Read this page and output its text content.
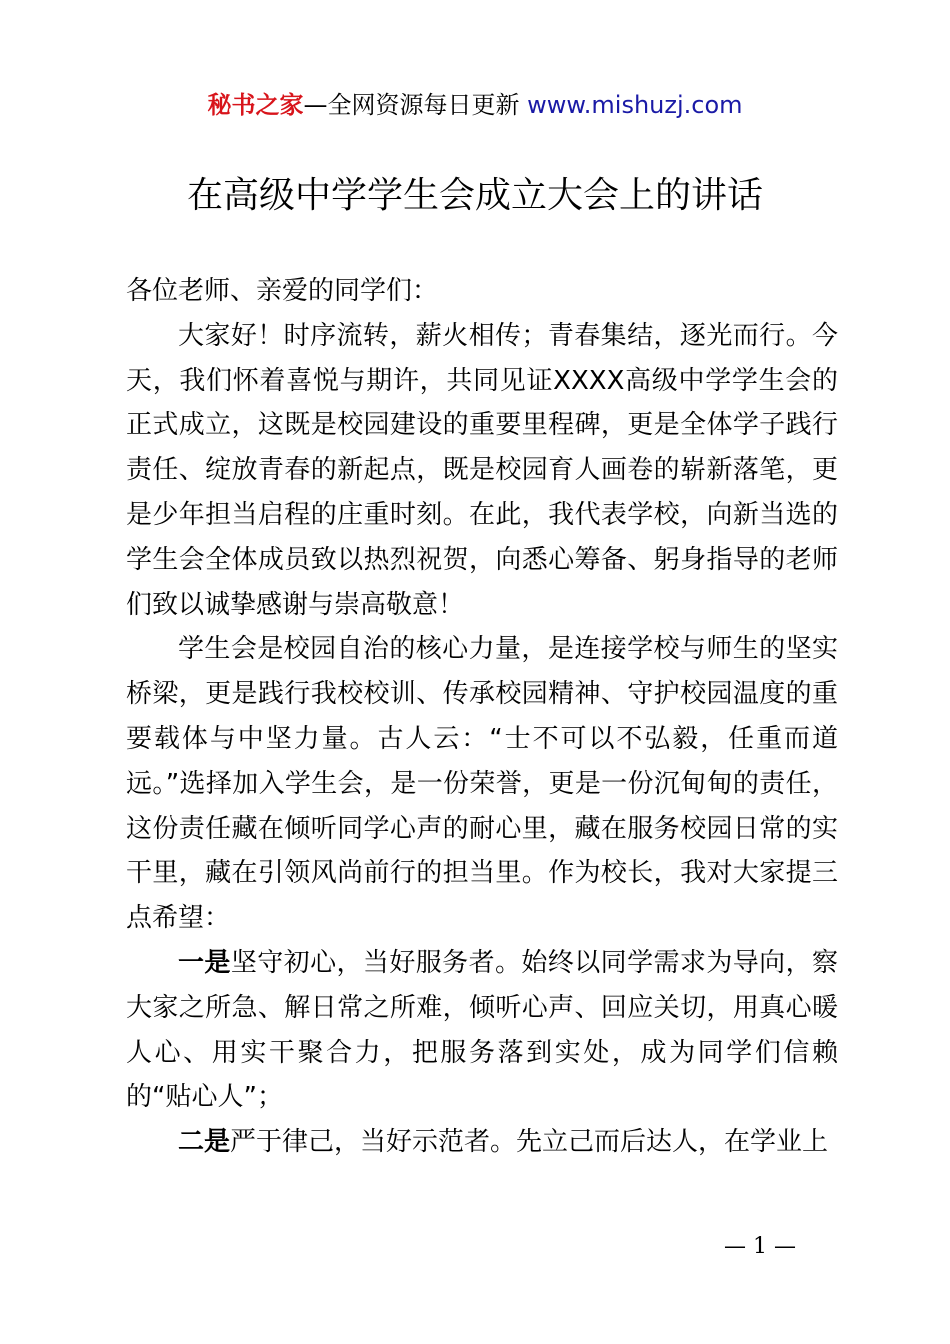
秘书之家—全网资源每日更新 www.mishuzj.com
在高级中学学生会成立大会上的讲话

各位老师、亲爱的同学们：

大家好！时序流转，薪火相传；青春集结，逐光而行。今天，我们怀着喜悦与期许，共同见证XXXX高级中学学生会的正式成立，这既是校园建设的重要里程碑，更是全体学子践行责任、绽放青春的新起点，既是校园育人画卷的崭新落笔，更是少年担当启程的庄重时刻。在此，我代表学校，向新当选的学生会全体成员致以热烈祝贺，向悉心筹备、躬身指导的老师们致以诚挚感谢与崇高敬意！

学生会是校园自治的核心力量，是连接学校与师生的坚实桥梁，更是践行我校校训、传承校园精神、守护校园温度的重要载体与中坚力量。古人云：“士不可以不弘毅，任重而道远。”选择加入学生会，是一份荣誉，更是一份沉甸甸的责任，这份责任藏在倾听同学心声的耐心里，藏在服务校园日常的实干里，藏在引领风尚前行的担当里。作为校长，我对大家提三点希望：

一是坚守初心，当好服务者。始终以同学需求为导向，察大家之所急、解日常之所难，倾听心声、回应关切，用真心暖人心、用实干聚合力，把服务落到实处，成为同学们信赖的“贴心人”；

二是严于律己，当好示范者。先立己而后达人，在学业上

— 1 —
